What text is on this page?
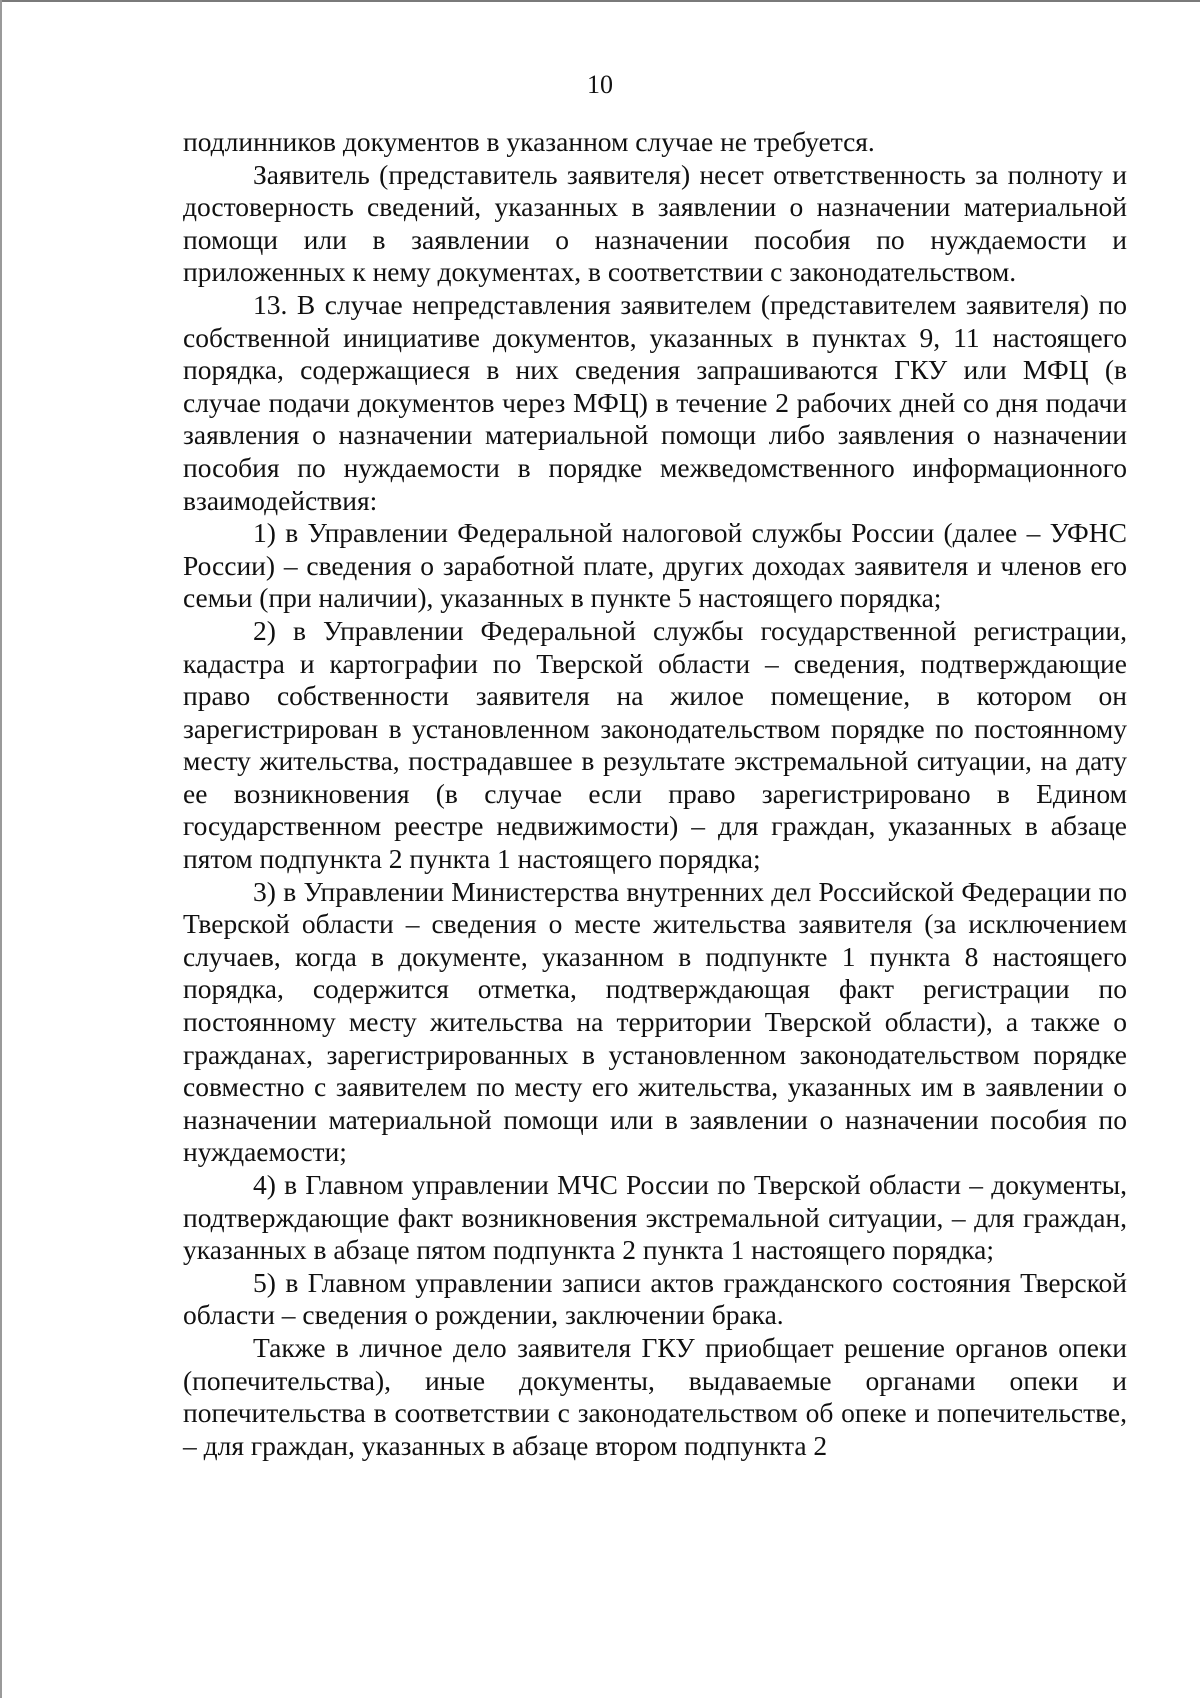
10

подлинников документов в указанном случае не требуется.

Заявитель (представитель заявителя) несет ответственность за полноту и достоверность сведений, указанных в заявлении о назначении материальной помощи или в заявлении о назначении пособия по нуждаемости и приложенных к нему документах, в соответствии с законодательством.

13. В случае непредставления заявителем (представителем заявителя) по собственной инициативе документов, указанных в пунктах 9, 11 настоящего порядка, содержащиеся в них сведения запрашиваются ГКУ или МФЦ (в случае подачи документов через МФЦ) в течение 2 рабочих дней со дня подачи заявления о назначении материальной помощи либо заявления о назначении пособия по нуждаемости в порядке межведомственного информационного взаимодействия:

1) в Управлении Федеральной налоговой службы России (далее – УФНС России) – сведения о заработной плате, других доходах заявителя и членов его семьи (при наличии), указанных в пункте 5 настоящего порядка;

2) в Управлении Федеральной службы государственной регистрации, кадастра и картографии по Тверской области – сведения, подтверждающие право собственности заявителя на жилое помещение, в котором он зарегистрирован в установленном законодательством порядке по постоянному месту жительства, пострадавшее в результате экстремальной ситуации, на дату ее возникновения (в случае если право зарегистрировано в Едином государственном реестре недвижимости) – для граждан, указанных в абзаце пятом подпункта 2 пункта 1 настоящего порядка;

3) в Управлении Министерства внутренних дел Российской Федерации по Тверской области – сведения о месте жительства заявителя (за исключением случаев, когда в документе, указанном в подпункте 1 пункта 8 настоящего порядка, содержится отметка, подтверждающая факт регистрации по постоянному месту жительства на территории Тверской области), а также о гражданах, зарегистрированных в установленном законодательством порядке совместно с заявителем по месту его жительства, указанных им в заявлении о назначении материальной помощи или в заявлении о назначении пособия по нуждаемости;

4) в Главном управлении МЧС России по Тверской области – документы, подтверждающие факт возникновения экстремальной ситуации, – для граждан, указанных в абзаце пятом подпункта 2 пункта 1 настоящего порядка;

5) в Главном управлении записи актов гражданского состояния Тверской области – сведения о рождении, заключении брака.

Также в личное дело заявителя ГКУ приобщает решение органов опеки (попечительства), иные документы, выдаваемые органами опеки и попечительства в соответствии с законодательством об опеке и попечительстве, – для граждан, указанных в абзаце втором подпункта 2
